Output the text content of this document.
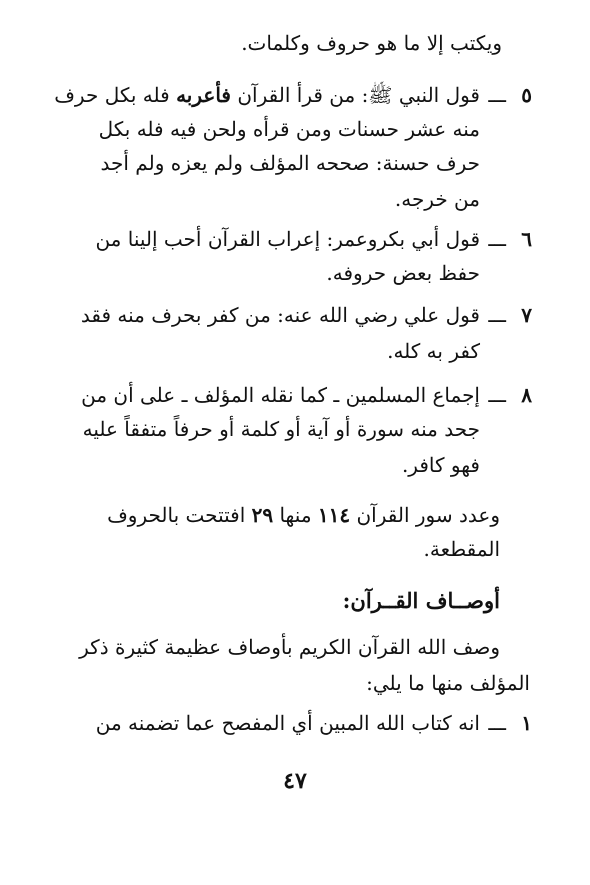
ويكتب إلا ما هو حروف وكلمات.
٥
ـــ
قول النبي ﷺ: من قرأ القرآن فأعربه فله بكل حرف
منه عشر حسنات ومن قرأه ولحن فيه فله بكل
حرف حسنة: صححه المؤلف ولم يعزه ولم أجد
من خرجه.
٦
ـــ
قول أبي بكروعمر: إعراب القرآن أحب إلينا من
حفظ بعض حروفه.
٧
ـــ
قول علي رضي الله عنه: من كفر بحرف منه فقد
كفر به كله.
٨
ـــ
إجماع المسلمين ـ كما نقله المؤلف ـ على أن من
جحد منه سورة أو آية أو كلمة أو حرفاً متفقاً عليه
فهو كافر.
وعدد سور القرآن ١١٤ منها ٢٩ افتتحت بالحروف
المقطعة.
أوصــاف القــرآن:
وصف الله القرآن الكريم بأوصاف عظيمة كثيرة ذكر
المؤلف منها ما يلي:
١
ـــ
انه كتاب الله المبين أي المفصح عما تضمنه من
٤٧
